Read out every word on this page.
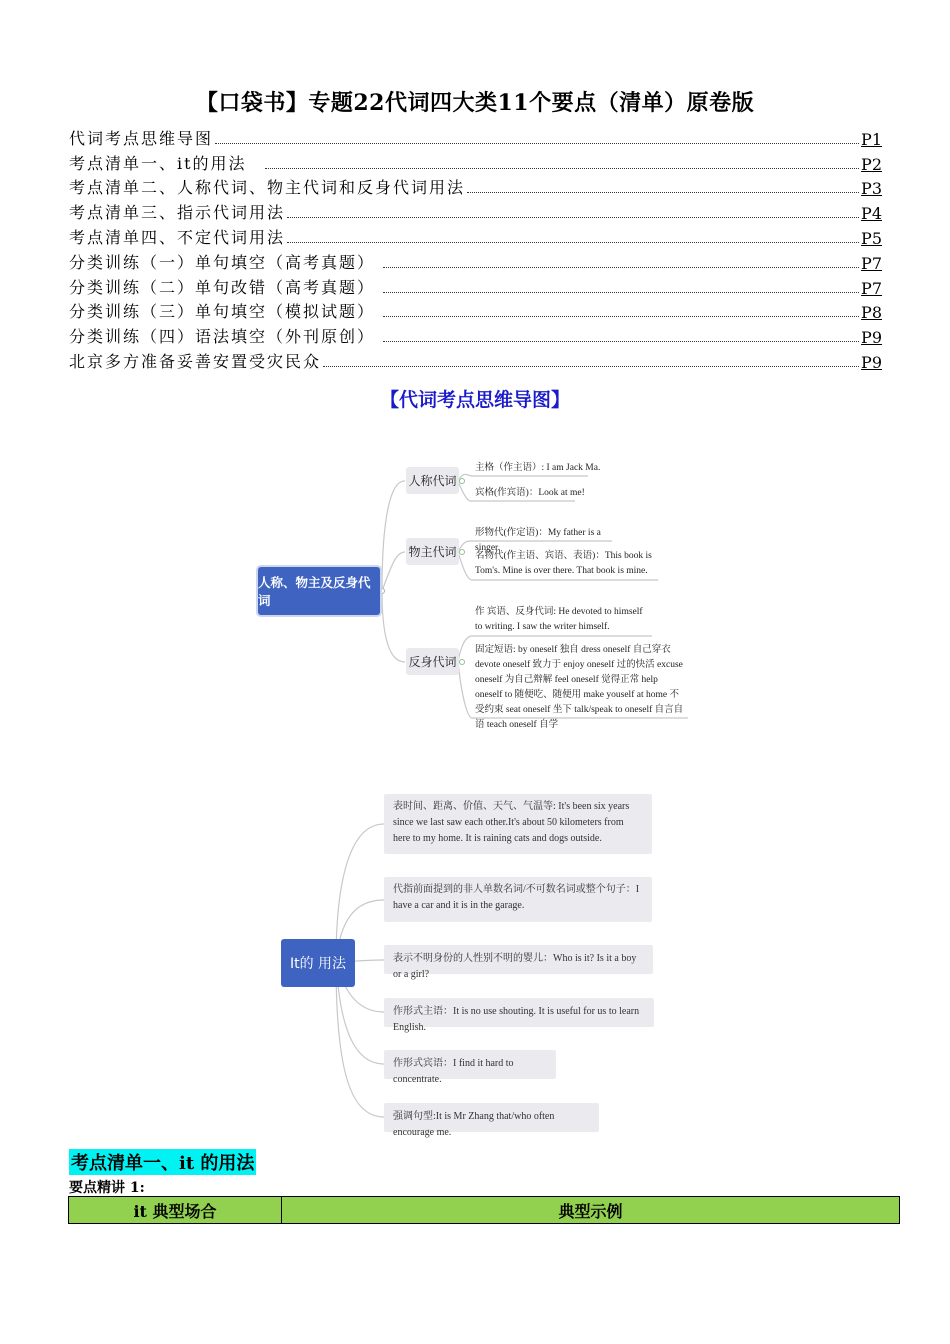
【口袋书】专题22代词四大类11个要点（清单）原卷版
代词考点思维导图	P1
考点清单一、it的用法	P2
考点清单二、人称代词、物主代词和反身代词用法	P3
考点清单三、指示代词用法	P4
考点清单四、不定代词用法	P5
分类训练（一）单句填空（高考真题）	P7
分类训练（二）单句改错（高考真题）	P7
分类训练（三）单句填空（模拟试题）	P8
分类训练（四）语法填空（外刊原创）	P9
北京多方准备妥善安置受灾民众	P9
【代词考点思维导图】
人称、物主及反身代词
人称代词
物主代词
反身代词
主格（作主语）: I am Jack Ma.
宾格(作宾语)：Look at me!
形物代(作定语)：My father is a singer.
名物代(作主语、宾语、表语)：This book is Tom's. Mine is over there. That book is mine.
作 宾语、反身代词: He devoted to himself to writing. I saw the writer himself.
固定短语: by oneself 独自 dress oneself 自己穿衣 devote oneself 致力于 enjoy oneself 过的快活 excuse oneself 为自己辩解 feel oneself 觉得正常 help oneself to 随便吃、随便用 make youself at home 不受约束 seat oneself 坐下 talk/speak to oneself 自言自语 teach oneself 自学
It的 用法
表时间、距离、价值、天气、气温等: It's been six years since we last saw each other.It's about 50 kilometers from here to my home. It is raining cats and dogs outside.
代指前面提到的非人单数名词/不可数名词或整个句子：I have a car and it is in the garage.
表示不明身份的人性别不明的婴儿：Who is it? Is it a boy or a girl?
作形式主语：It is no use shouting. It is useful for us to learn English.
作形式宾语：I find it hard to concentrate.
强调句型:It is Mr Zhang that/who often encourage me.
考点清单一、it 的用法
要点精讲 1:
it 典型场合	典型示例
